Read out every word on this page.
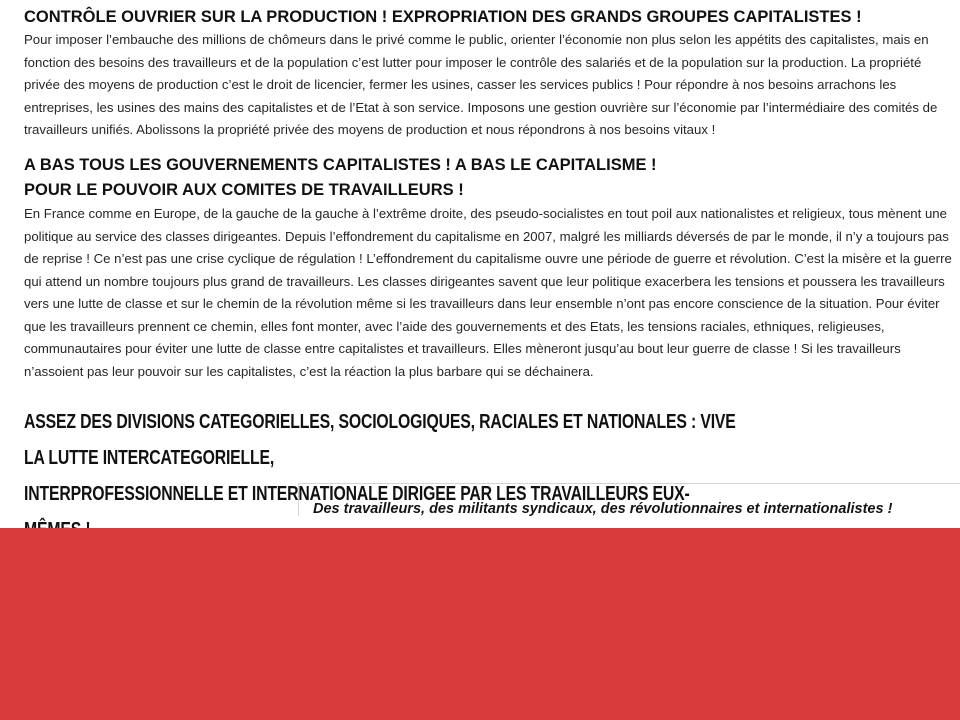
CONTRÔLE OUVRIER SUR LA PRODUCTION ! EXPROPRIATION DES GRANDS GROUPES CAPITALISTES !
Pour imposer l’embauche des millions de chômeurs dans le privé comme le public, orienter l’économie non plus selon les appétits des capitalistes, mais en
fonction des besoins des travailleurs et de la population c’est lutter pour imposer le contrôle des salariés et de la population sur la production. La propriété
privée des moyens de production c’est le droit de licencier, fermer les usines, casser les services publics ! Pour répondre à nos besoins arrachons les
entreprises, les usines des mains des capitalistes et de l’Etat à son service. Imposons une gestion ouvrière sur l’économie par l’intermédiaire des comités de
travailleurs unifiés. Abolissons la propriété privée des moyens de production et nous répondrons à nos besoins vitaux !
A BAS TOUS LES GOUVERNEMENTS CAPITALISTES ! A BAS LE CAPITALISME !
POUR LE POUVOIR AUX COMITES DE TRAVAILLEURS !
En France comme en Europe, de la gauche de la gauche à l’extrême droite, des pseudo-socialistes en tout poil aux nationalistes et religieux, tous mènent une
politique au service des classes dirigeantes. Depuis l’effondrement du capitalisme en 2007, malgré les milliards déversés de par le monde, il n’y a toujours pas
de reprise ! Ce n’est pas une crise cyclique de régulation ! L’effondrement du capitalisme ouvre une période de guerre et révolution. C’est la misère et la guerre
qui attend un nombre toujours plus grand de travailleurs. Les classes dirigeantes savent que leur politique exacerbera les tensions et poussera les travailleurs
vers une lutte de classe et sur le chemin de la révolution même si les travailleurs dans leur ensemble n’ont pas encore conscience de la situation. Pour éviter
que les travailleurs prennent ce chemin, elles font monter, avec l’aide des gouvernements et des Etats, les tensions raciales, ethniques, religieuses,
communautaires pour éviter une lutte de classe entre capitalistes et travailleurs. Elles mèneront jusqu’au bout leur guerre de classe ! Si les travailleurs
n’assoient pas leur pouvoir sur les capitalistes, c’est la réaction la plus barbare qui se déchainera.
ASSEZ DES DIVISIONS CATEGORIELLES, SOCIOLOGIQUES, RACIALES ET NATIONALES : VIVE LA LUTTE INTERCATEGORIELLE,
INTERPROFESSIONNELLE ET INTERNATIONALE DIRIGEE PAR LES TRAVAILLEURS EUX-
Des travailleurs, des militants syndicaux, des révolutionnaires et internationalistes !
